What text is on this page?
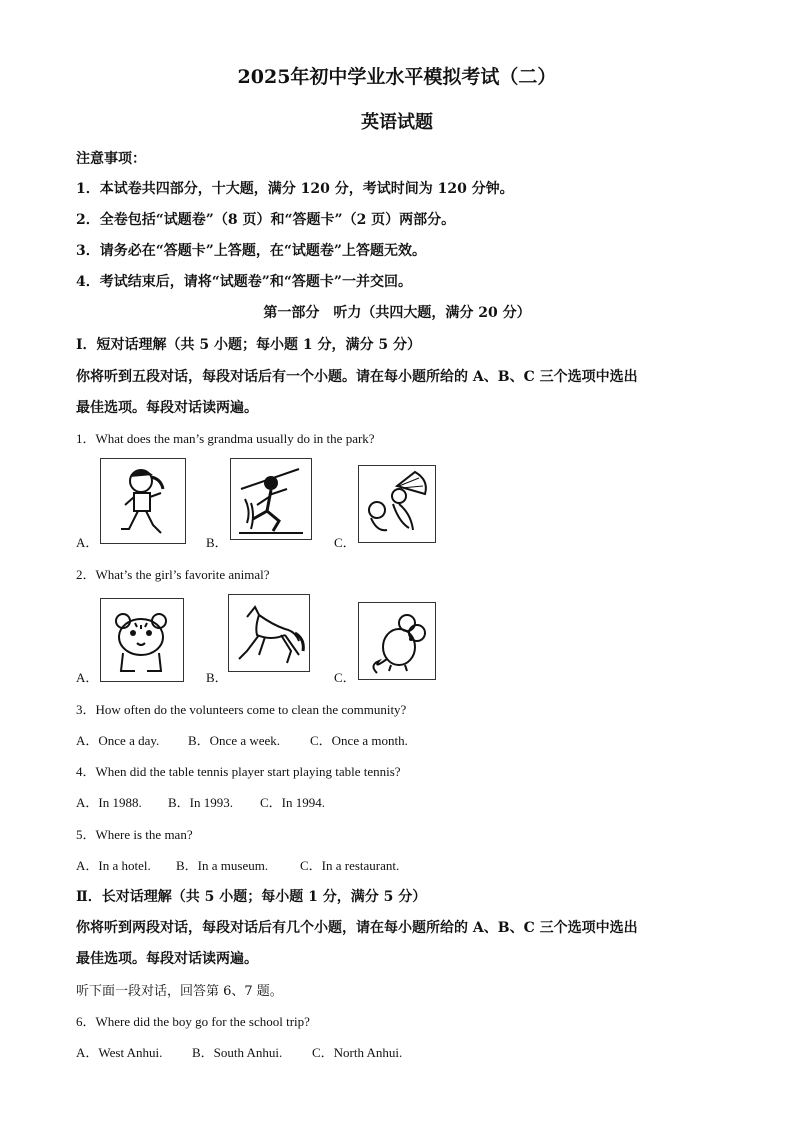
2025年初中学业水平模拟考试（二）
英语试题
注意事项：
1．本试卷共四部分，十大题，满分 120 分，考试时间为 120 分钟。
2．全卷包括“试题卷”（8 页）和“答题卡”（2 页）两部分。
3．请务必在“答题卡”上答题，在“试题卷”上答题无效。
4．考试结束后，请将“试题卷”和“答题卡”一并交回。
第一部分　听力（共四大题，满分 20 分）
Ⅰ．短对话理解（共 5 小题；每小题 1 分，满分 5 分）
你将听到五段对话，每段对话后有一个小题。请在每小题所给的 A、B、C 三个选项中选出
最佳选项。每段对话读两遍。
1．What does the man’s grandma usually do in the park?
A．	B．	C．
2．What’s the girl’s favorite animal?
A．	B．	C．
3．How often do the volunteers come to clean the community?
A．Once a day. B．Once a week. C．Once a month.
4．When did the table tennis player start playing table tennis?
A．In 1988. B．In 1993. C．In 1994.
5．Where is the man?
A．In a hotel. B．In a museum. C．In a restaurant.
Ⅱ．长对话理解（共 5 小题；每小题 1 分，满分 5 分）
你将听到两段对话，每段对话后有几个小题，请在每小题所给的 A、B、C 三个选项中选出
最佳选项。每段对话读两遍。
听下面一段对话，回答第 6、7 题。
6．Where did the boy go for the school trip?
A．West Anhui. B．South Anhui. C．North Anhui.
